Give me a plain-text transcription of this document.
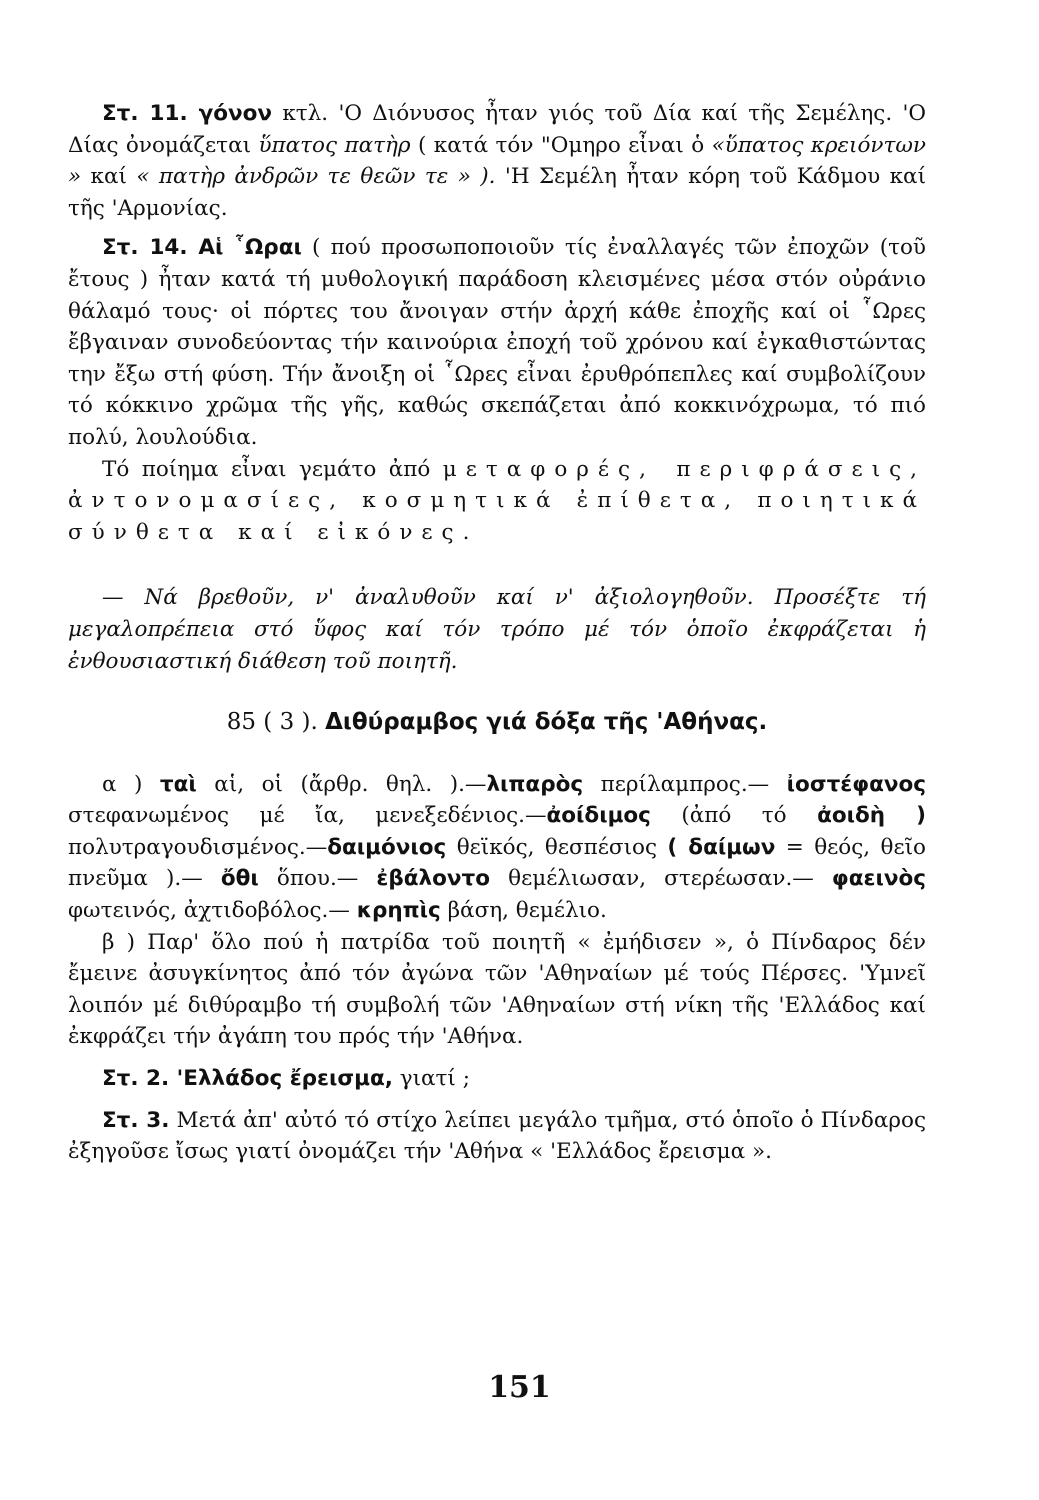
Στ. 11. γόνον κτλ. 'Ο Διόνυσος ἦταν γιός τοῦ Δία καί τῆς Σεμέλης. 'Ο Δίας ὀνομάζεται ὕπατος πατὴρ ( κατά τόν "Ομηρο εἶναι ὁ «ὕπατος κρειόντων » καί « πατὴρ ἀνδρῶν τε θεῶν τε » ). 'Η Σεμέλη ἦταν κόρη τοῦ Κάδμου καί τῆς 'Αρμονίας.

Στ. 14. Αἱ ῟Ωραι ( πού προσωποποιοῦν τίς ἐναλλαγές τῶν ἐποχῶν (τοῦ ἔτους ) ἦταν κατά τή μυθολογική παράδοση κλεισμένες μέσα στόν οὐράνιο θάλαμό τους· οἱ πόρτες του ἄνοιγαν στήν ἀρχή κάθε ἐποχῆς καί οἱ ῟Ωρες ἔβγαιναν συνοδεύοντας τήν καινούρια ἐποχή τοῦ χρόνου καί ἐγκαθιστώντας την ἔξω στή φύση. Τήν ἄνοιξη οἱ ῟Ωρες εἶναι ἐρυθρόπεπλες καί συμβολίζουν τό κόκκινο χρῶμα τῆς γῆς, καθώς σκεπάζεται ἀπό κοκκινόχρωμα, τό πιό πολύ, λουλούδια.

Τό ποίημα εἶναι γεμάτο ἀπό μεταφορές, περιφράσεις, ἀντονομασίες, κοσμητικά ἐπίθετα, ποιητικά σύνθετα καί εἰκόνες.

— Νά βρεθοῦν, ν' ἀναλυθοῦν καί ν' ἀξιολογηθοῦν. Προσέξτε τή μεγαλοπρέπεια στό ὕφος καί τόν τρόπο μέ τόν ὁποῖο ἐκφράζεται ἡ ἐνθουσιαστική διάθεση τοῦ ποιητῆ.

85 ( 3 ). Διθύραμβος γιά δόξα τῆς 'Αθήνας.

α ) ταὶ αἱ, οἱ (ἄρθρ. θηλ. ).—λιπαρὸς περίλαμπρος.— ἰοστέφανος στεφανωμένος μέ ἴα, μενεξεδένιος.—ἀοίδιμος (ἀπό τό ἀοιδὴ ) πολυτραγουδισμένος.—δαιμόνιος θεϊκός, θεσπέσιος ( δαίμων = θεός, θεῖο πνεῦμα ).— ὄθι ὅπου.— ἐβάλοντο θεμέλιωσαν, στερέωσαν.— φαεινὸς φωτεινός, ἀχτιδοβόλος.— κρηπὶς βάση, θεμέλιο.

β ) Παρ' ὅλο πού ἡ πατρίδα τοῦ ποιητῆ « ἐμήδισεν », ὁ Πίνδαρος δέν ἔμεινε ἀσυγκίνητος ἀπό τόν ἀγώνα τῶν 'Αθηναίων μέ τούς Πέρσες. 'Υμνεῖ λοιπόν μέ διθύραμβο τή συμβολή τῶν 'Αθηναίων στή νίκη τῆς 'Ελλάδος καί ἐκφράζει τήν ἀγάπη του πρός τήν 'Αθήνα.

Στ. 2. 'Ελλάδος ἔρεισμα, γιατί ;

Στ. 3. Μετά ἀπ' αὐτό τό στίχο λείπει μεγάλο τμῆμα, στό ὁποῖο ὁ Πίνδαρος ἐξηγοῦσε ἴσως γιατί ὀνομάζει τήν 'Αθήνα « 'Ελλάδος ἔρεισμα ».

151
